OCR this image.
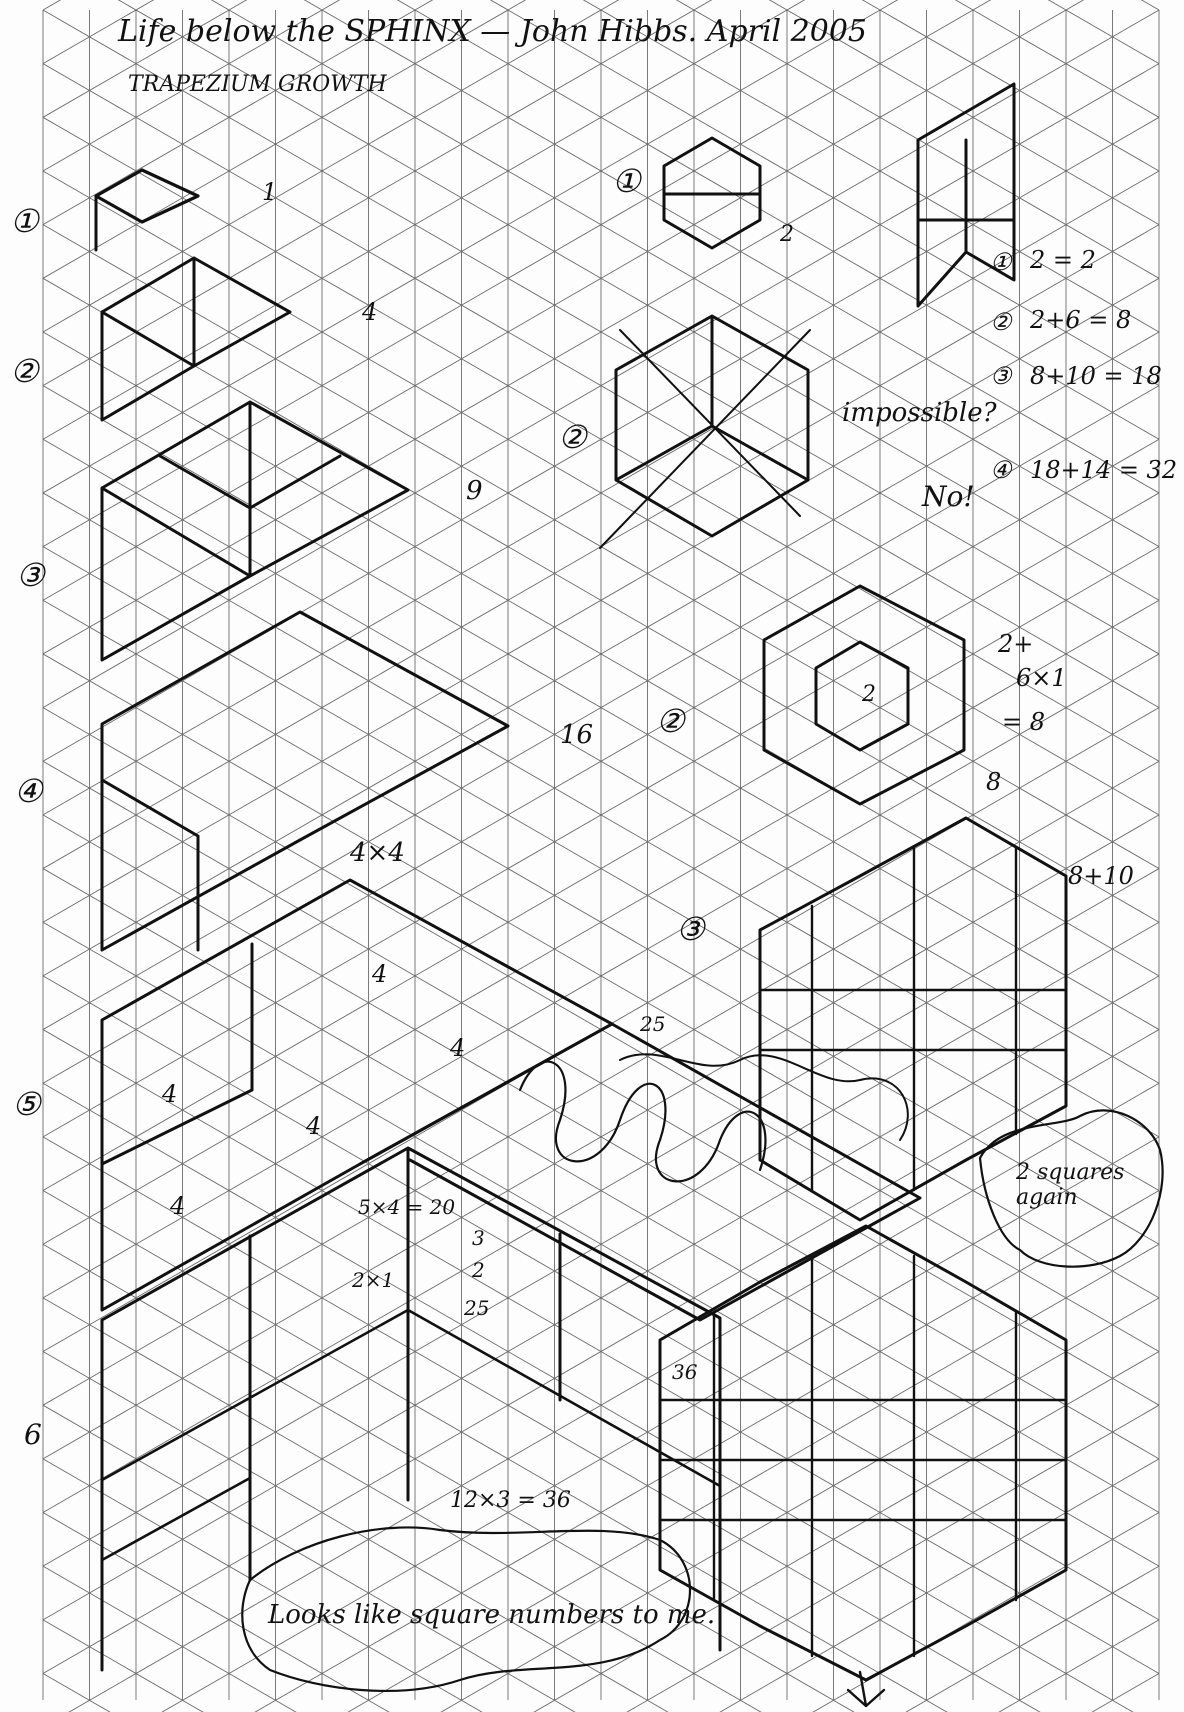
Life below the SPHINX — John Hibbs. April 2005
TRAPEZIUM GROWTH
①
②
③
④
⑤
6
1
4
9
16
4×4
4
4
4
4
4	5×4 = 20
3
2×1	2
25
25
36
12×3 = 36
Looks like square numbers to me.
①
②
②
③
2
2
① 2 = 2
② 2+6 = 8
③ 8+10 = 18
④ 18+14 = 32
impossible?
No!
2+
6×1
= 8
8
8+10
2 squares again
